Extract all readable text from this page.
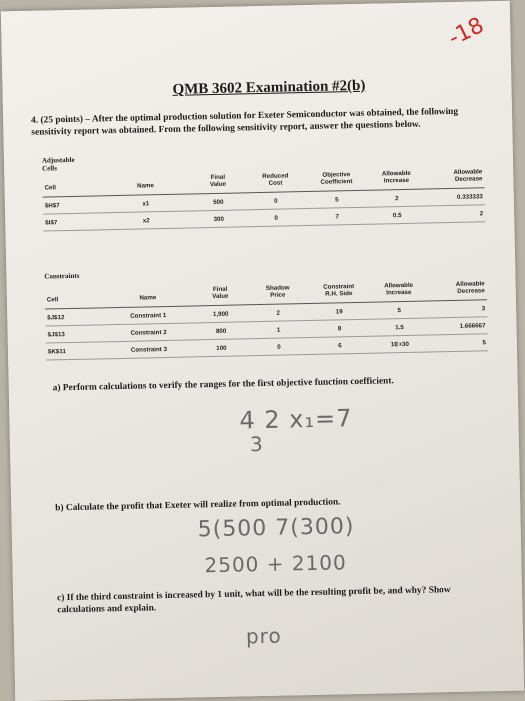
-18
QMB 3602 Examination #2(b)
4. (25 points) – After the optimal production solution for Exeter Semiconductor was obtained, the following sensitivity report was obtained. From the following sensitivity report, answer the questions below.
Adjustable
Cells
		Final	Reduced	Objective	Allowable	Allowable
Cell	Name	Value	Cost	Coefficient	Increase	Decrease
$H$7	x1	500	0	5	2	0.333333
$I$7	x2	300	0	7	0.5	2
Constraints
		Final	Shadow	Constraint	Allowable	Allowable
Cell	Name	Value	Price	R.H. Side	Increase	Decrease
$J$12	Constraint 1	1,900	2	19	5	3
$J$13	Constraint 2	800	1	8	1.5	1.666667
$K$11	Constraint 3	100	0	6	1E+30	5
a) Perform calculations to verify the ranges for the first objective function coefficient.
4 2 x₁=7
3
b) Calculate the profit that Exeter will realize from optimal production.
5(500 7(300)
2500 + 2100
c) If the third constraint is increased by 1 unit, what will be the resulting profit be, and why? Show calculations and explain.
pro
